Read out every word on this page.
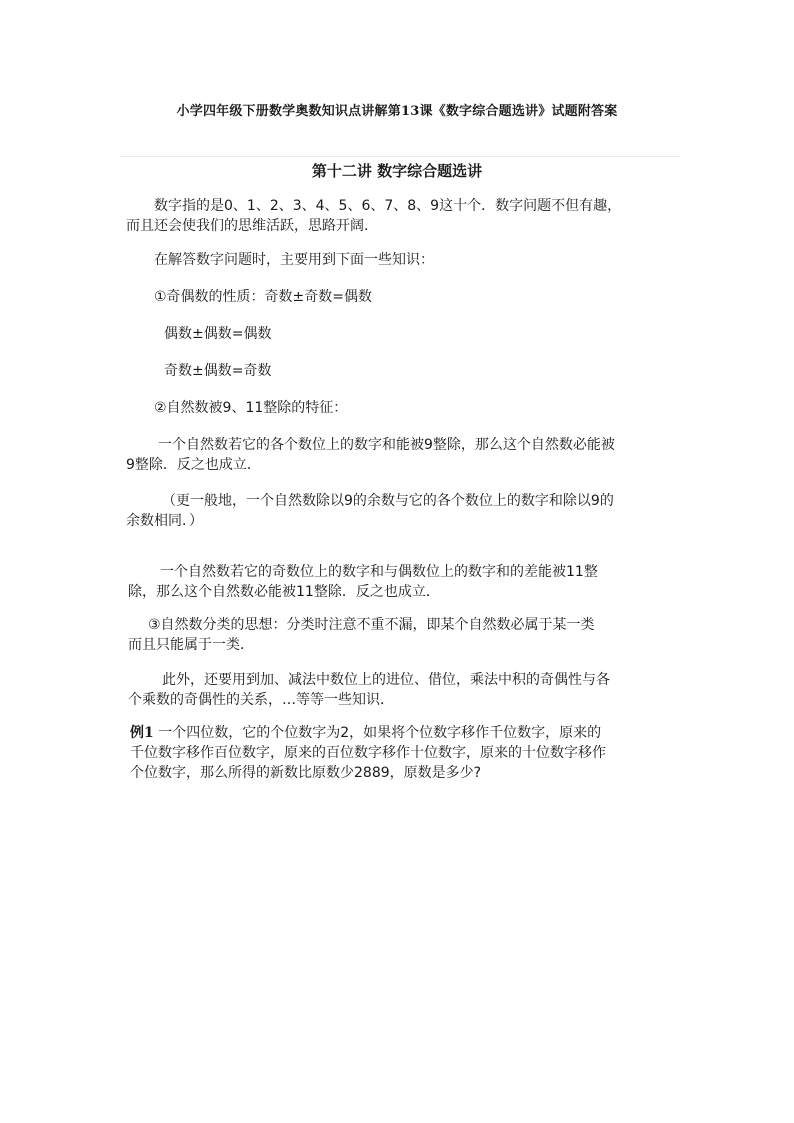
小学四年级下册数学奥数知识点讲解第13课《数字综合题选讲》试题附答案
第十二讲 数字综合题选讲
数字指的是0、1、2、3、4、5、6、7、8、9这十个．数字问题不但有趣，
而且还会使我们的思维活跃，思路开阔．
在解答数字问题时，主要用到下面一些知识：
①奇偶数的性质：奇数±奇数=偶数
偶数±偶数=偶数
奇数±偶数=奇数
②自然数被9、11整除的特征：
一个自然数若它的各个数位上的数字和能被9整除，那么这个自然数必能被
9整除．反之也成立．
（更一般地，一个自然数除以9的余数与它的各个数位上的数字和除以9的
余数相同．）
一个自然数若它的奇数位上的数字和与偶数位上的数字和的差能被11整
除，那么这个自然数必能被11整除．反之也成立．
③自然数分类的思想：分类时注意不重不漏，即某个自然数必属于某一类
而且只能属于一类．
此外，还要用到加、减法中数位上的进位、借位，乘法中积的奇偶性与各
个乘数的奇偶性的关系，…等等一些知识．
例1 一个四位数，它的个位数字为2，如果将个位数字移作千位数字，原来的
千位数字移作百位数字，原来的百位数字移作十位数字，原来的十位数字移作
个位数字，那么所得的新数比原数少2889，原数是多少?
